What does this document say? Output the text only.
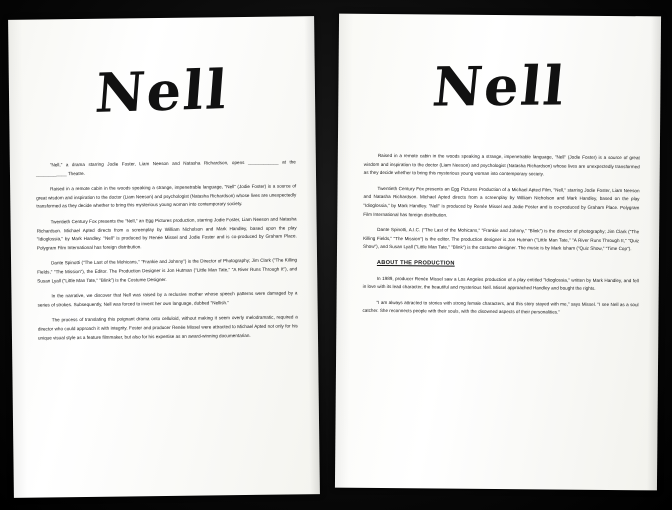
Nell

"Nell," a drama starring Jodie Foster, Liam Neeson and Natasha Richardson, opens ____________ at the ____________ Theatre.

Raised in a remote cabin in the woods speaking a strange, impenetrable language, "Nell" (Jodie Foster) is a source of great wisdom and inspiration to the doctor (Liam Neeson) and psychologist (Natasha Richardson) whose lives are unexpectedly transformed as they decide whether to bring this mysterious young woman into contemporary society.

Twentieth Century Fox presents the "Nell," an Egg Pictures production, starring Jodie Foster, Liam Neeson and Natasha Richardson. Michael Apted directs from a screenplay by William Nicholson and Mark Handley, based upon the play "Idioglossia," by Mark Handley. "Nell" is produced by Renée Missel and Jodie Foster and is co-produced by Graham Place. Polygram Film International has foreign distribution.

Dante Spinotti ("The Last of the Mohicans," "Frankie and Johnny") is the Director of Photography; Jim Clark ("The Killing Fields," "The Mission"), the Editor. The Production Designer is Jon Hutman ("Little Man Tate," "A River Runs Through It"), and Susan Lyall ("Little Man Tate," "Blink") is the Costume Designer.

In the narrative, we discover that Nell was raised by a reclusive mother whose speech patterns were damaged by a series of strokes. Subsequently, Nell was forced to invent her own language, dubbed "Nellish."

The process of translating this poignant drama onto celluloid, without making it seem overly melodramatic, required a director who could approach it with integrity. Foster and producer Renée Missel were attracted to Michael Apted not only for his unique visual style as a feature filmmaker, but also for his expertise as an award-winning documentarian.

Nell

Raised in a remote cabin in the woods speaking a strange, impenetrable language, "Nell" (Jodie Foster) is a source of great wisdom and inspiration to the doctor (Liam Neeson) and psychologist (Natasha Richardson) whose lives are unexpectedly transformed as they decide whether to bring this mysterious young woman into contemporary society.

Twentieth Century Fox presents an Egg Pictures Production of a Michael Apted Film, "Nell," starring Jodie Foster, Liam Neeson and Natasha Richardson. Michael Apted directs from a screenplay by William Nicholson and Mark Handley, based on the play "Idioglossia," by Mark Handley. "Nell" is produced by Renée Missel and Jodie Foster and is co-produced by Graham Place. Polygram Film International has foreign distribution.

Dante Spinotti, A.I.C. ("The Last of the Mohicans," "Frankie and Johnny," "Blink") is the director of photography; Jim Clark ("The Killing Fields," "The Mission") is the editor. The production designer is Jon Hutman ("Little Man Tate," "A River Runs Through It," "Quiz Show"), and Susan Lyall ("Little Man Tate," "Blink") is the costume designer. The music is by Mark Isham ("Quiz Show," "Time Cop").

ABOUT THE PRODUCTION

In 1989, producer Renée Missel saw a Los Angeles production of a play entitled "Idioglossia," written by Mark Handley, and fell in love with its lead character, the beautiful and mysterious Nell. Missel approached Handley and bought the rights.

"I am always attracted to stories with strong female characters, and this story stayed with me," says Missel. "I see Nell as a soul catcher. She reconnects people with their souls, with the disowned aspects of their personalities."
